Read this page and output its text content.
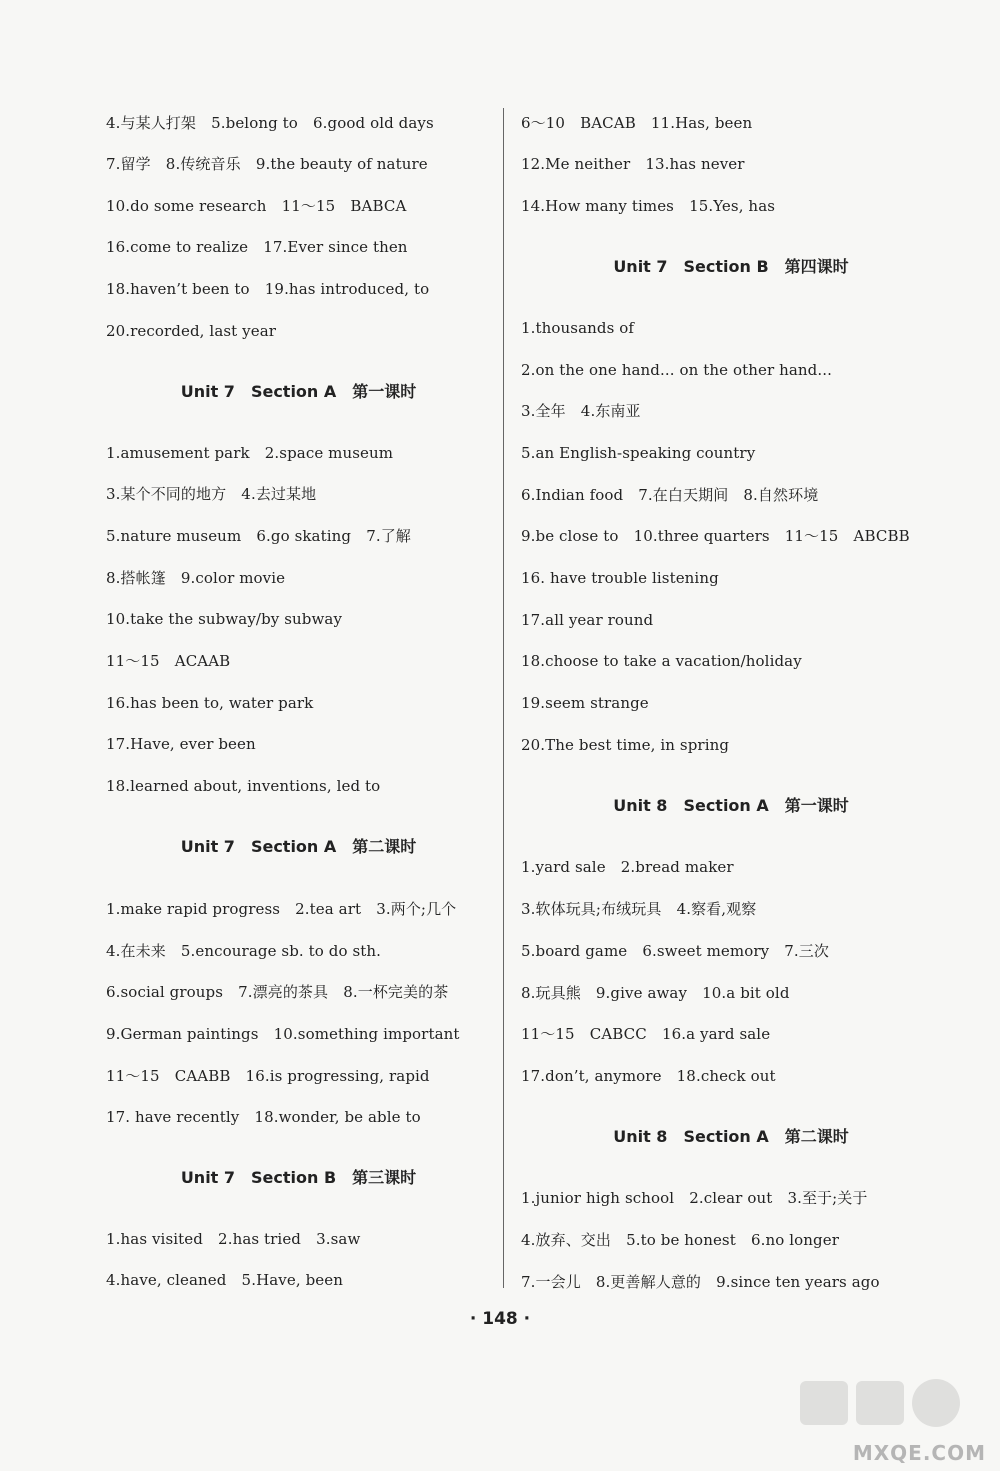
4.与某人打架　5.belong to　6.good old days
7.留学　8.传统音乐　9.the beauty of nature
10.do some research　11～15　BABCA
16.come to realize　17.Ever since then
18.haven’t been to　19.has introduced, to
20.recorded, last year
Unit 7　Section A　第一课时
1.amusement park　2.space museum
3.某个不同的地方　4.去过某地
5.nature museum　6.go skating　7.了解
8.搭帐篷　9.color movie
10.take the subway/by subway
11～15　ACAAB
16.has been to, water park
17.Have, ever been
18.learned about, inventions, led to
Unit 7　Section A　第二课时
1.make rapid progress　2.tea art　3.两个;几个
4.在未来　5.encourage sb. to do sth.
6.social groups　7.漂亮的茶具　8.一杯完美的茶
9.German paintings　10.something important
11～15　CAABB　16.is progressing, rapid
17. have recently　18.wonder, be able to
Unit 7　Section B　第三课时
1.has visited　2.has tried　3.saw
4.have, cleaned　5.Have, been
6～10　BACAB　11.Has, been
12.Me neither　13.has never
14.How many times　15.Yes, has
Unit 7　Section B　第四课时
1.thousands of
2.on the one hand... on the other hand...
3.全年　4.东南亚
5.an English-speaking country
6.Indian food　7.在白天期间　8.自然环境
9.be close to　10.three quarters　11～15　ABCBB
16. have trouble listening
17.all year round
18.choose to take a vacation/holiday
19.seem strange
20.The best time, in spring
Unit 8　Section A　第一课时
1.yard sale　2.bread maker
3.软体玩具;布绒玩具　4.察看,观察
5.board game　6.sweet memory　7.三次
8.玩具熊　9.give away　10.a bit old
11～15　CABCC　16.a yard sale
17.don’t, anymore　18.check out
Unit 8　Section A　第二课时
1.junior high school　2.clear out　3.至于;关于
4.放弃、交出　5.to be honest　6.no longer
7.一会儿　8.更善解人意的　9.since ten years ago
· 148 ·
MXQE.COM
